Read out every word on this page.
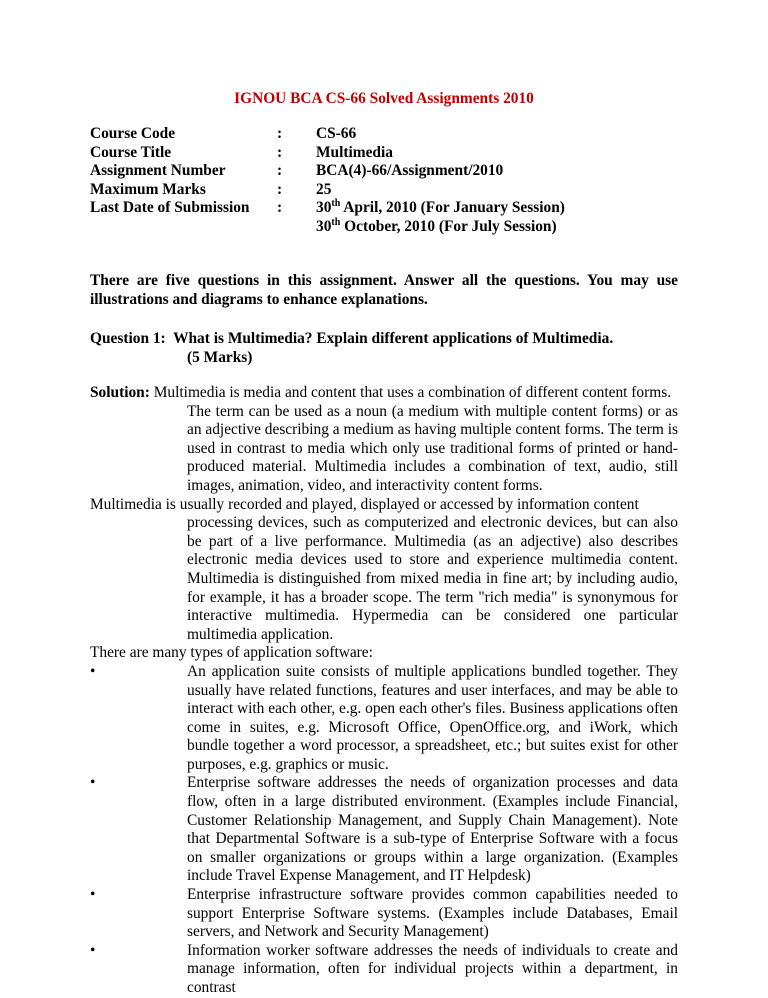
IGNOU BCA CS-66 Solved Assignments 2010
Course Code	:	CS-66
Course Title	:	Multimedia
Assignment Number	:	BCA(4)-66/Assignment/2010
Maximum Marks	:	25
Last Date of Submission	:	30th April, 2010 (For January Session)
30th October, 2010 (For July Session)
There are five questions in this assignment. Answer all the questions. You may use illustrations and diagrams to enhance explanations.
Question 1: What is Multimedia? Explain different applications of Multimedia.
(5 Marks)
Solution: Multimedia is media and content that uses a combination of different content forms.
The term can be used as a noun (a medium with multiple content forms) or as an adjective describing a medium as having multiple content forms. The term is used in contrast to media which only use traditional forms of printed or hand-produced material. Multimedia includes a combination of text, audio, still images, animation, video, and interactivity content forms.
Multimedia is usually recorded and played, displayed or accessed by information content
processing devices, such as computerized and electronic devices, but can also be part of a live performance. Multimedia (as an adjective) also describes electronic media devices used to store and experience multimedia content. Multimedia is distinguished from mixed media in fine art; by including audio, for example, it has a broader scope. The term "rich media" is synonymous for interactive multimedia. Hypermedia can be considered one particular multimedia application.
There are many types of application software:
•	An application suite consists of multiple applications bundled together. They usually have related functions, features and user interfaces, and may be able to interact with each other, e.g. open each other's files. Business applications often come in suites, e.g. Microsoft Office, OpenOffice.org, and iWork, which bundle together a word processor, a spreadsheet, etc.; but suites exist for other purposes, e.g. graphics or music.
•	Enterprise software addresses the needs of organization processes and data flow, often in a large distributed environment. (Examples include Financial, Customer Relationship Management, and Supply Chain Management). Note that Departmental Software is a sub-type of Enterprise Software with a focus on smaller organizations or groups within a large organization. (Examples include Travel Expense Management, and IT Helpdesk)
•	Enterprise infrastructure software provides common capabilities needed to support Enterprise Software systems. (Examples include Databases, Email servers, and Network and Security Management)
•	Information worker software addresses the needs of individuals to create and manage information, often for individual projects within a department, in contrast
